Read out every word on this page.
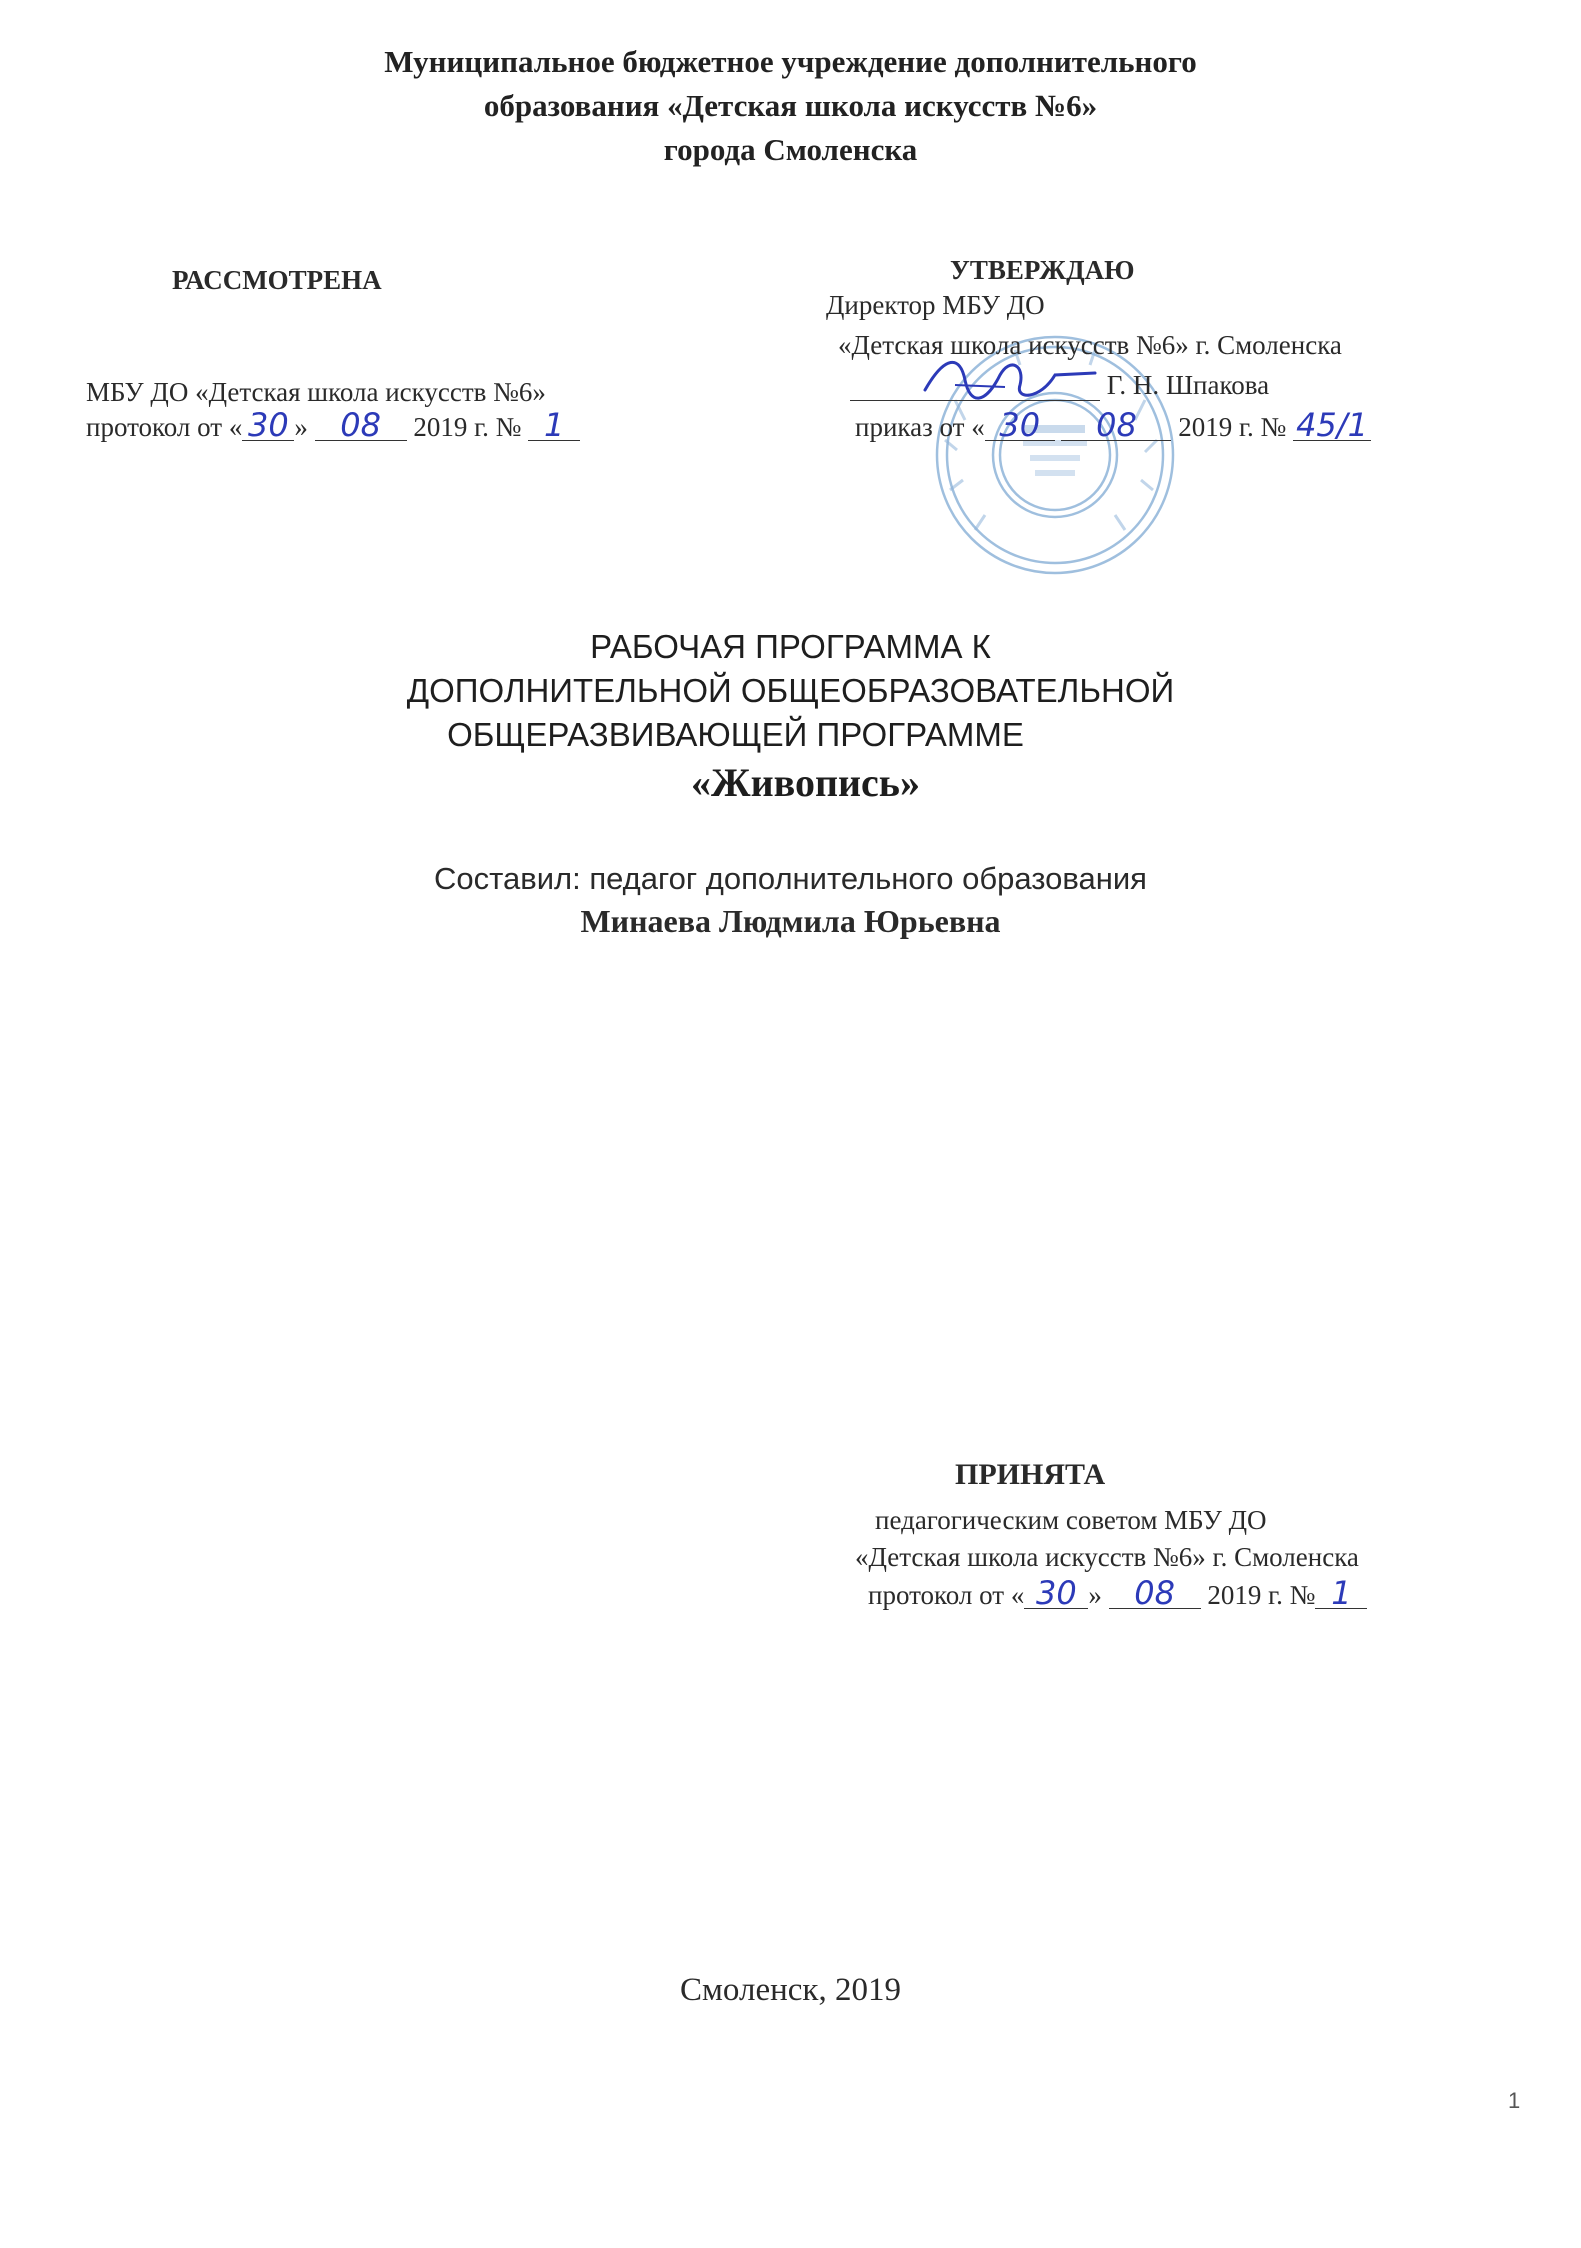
Муниципальное бюджетное учреждение дополнительного
образования «Детская школа искусств №6»
города Смоленска
РАССМОТРЕНА
МБУ ДО «Детская школа искусств №6»
протокол от « 30 » 08 2019 г. № 1
УТВЕРЖДАЮ
Директор МБУ ДО
«Детская школа искусств №6» г. Смоленска
Г. Н. Шпакова
приказ от « 30 08 2019 г. № 45/1
РАБОЧАЯ ПРОГРАММА К
ДОПОЛНИТЕЛЬНОЙ ОБЩЕОБРАЗОВАТЕЛЬНОЙ
ОБЩЕРАЗВИВАЮЩЕЙ ПРОГРАММЕ
«Живопись»
Составил: педагог дополнительного образования
Минаева Людмила Юрьевна
ПРИНЯТА
педагогическим советом МБУ ДО
«Детская школа искусств №6» г. Смоленска
протокол от « 30 » 08 2019 г. № 1
Смоленск, 2019
1
